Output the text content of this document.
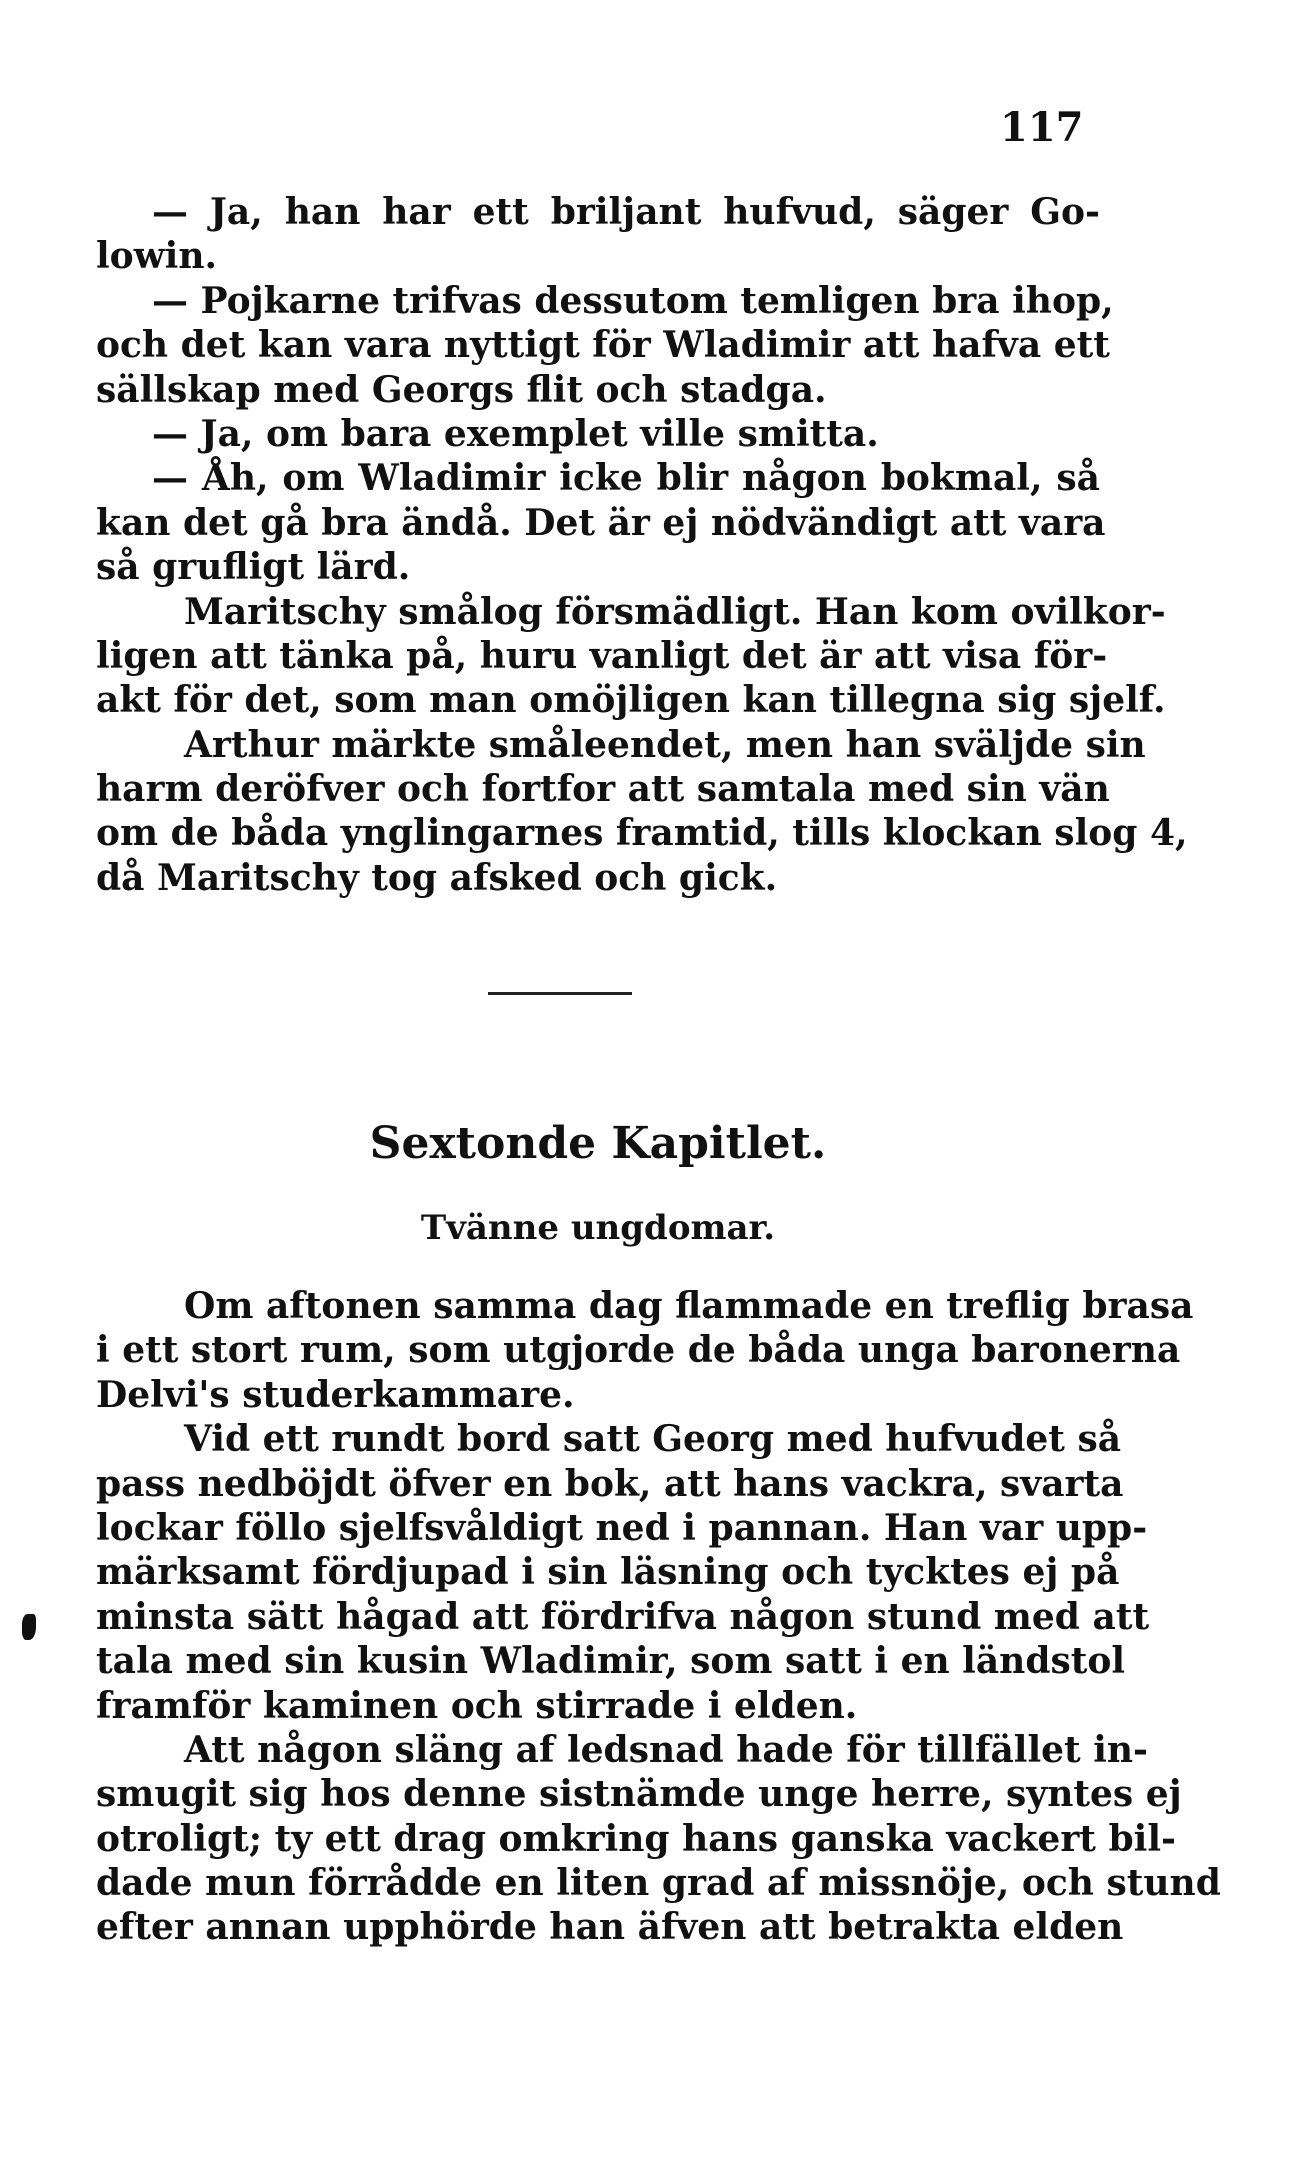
117
— Ja, han har ett briljant hufvud, säger Go-
lowin.
— Pojkarne trifvas dessutom temligen bra ihop,
och det kan vara nyttigt för Wladimir att hafva ett
sällskap med Georgs flit och stadga.
— Ja, om bara exemplet ville smitta.
— Åh, om Wladimir icke blir någon bokmal, så
kan det gå bra ändå. Det är ej nödvändigt att vara
så grufligt lärd.
Maritschy smålog försmädligt. Han kom ovilkor-
ligen att tänka på, huru vanligt det är att visa för-
akt för det, som man omöjligen kan tillegna sig sjelf.
Arthur märkte småleendet, men han svälјde sin
harm deröfver och fortfor att samtala med sin vän
om de båda ynglingarnes framtid, tills klockan slog 4,
då Maritschy tog afsked och gick.
Sextonde Kapitlet.
Tvänne ungdomar.
Om aftonen samma dag flammade en treflig brasa
i ett stort rum, som utgjorde de båda unga baronerna
Delvi's studerkammare.
Vid ett rundt bord satt Georg med hufvudet så
pass nedböjdt öfver en bok, att hans vackra, svarta
lockar föllo sjelfsvåldigt ned i pannan. Han var upp-
märksamt fördjupad i sin läsning och tycktes ej på
minsta sätt hågad att fördrifva någon stund med att
tala med sin kusin Wladimir, som satt i en ländstol
framför kaminen och stirrade i elden.
Att någon släng af ledsnad hade för tillfället in-
smugit sig hos denne sistnämde unge herre, syntes ej
otroligt; ty ett drag omkring hans ganska vackert bil-
dade mun förrådde en liten grad af missnöje, och stund
efter annan upphörde han äfven att betrakta elden
